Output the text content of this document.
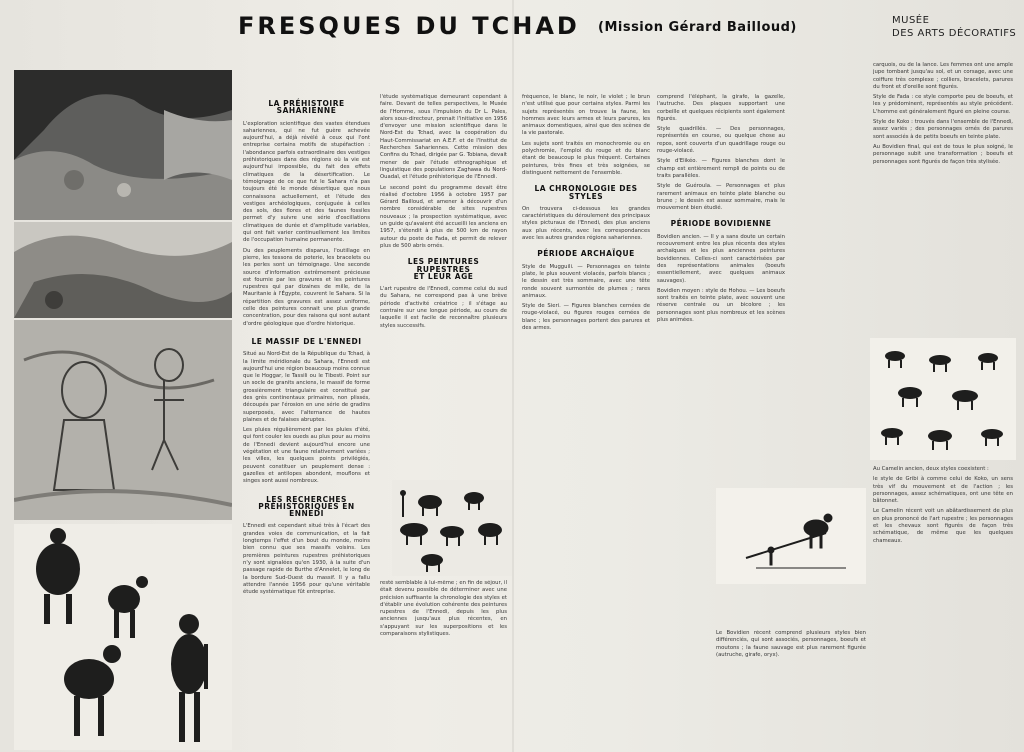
FRESQUES DU TCHAD (Mission Gérard Bailloud)	MUSÉE
DES ARTS DÉCORATIFS
LA PRÉHISTOIRE SAHARIENNE

L'exploration scientifique des vastes étendues sahariennes, qui ne fut guère achevée aujourd'hui, a déjà révélé à ceux qui l'ont entreprise certains motifs de stupéfaction : l'abondance parfois extraordinaire des vestiges préhistoriques dans des régions où la vie est aujourd'hui impossible, du fait des effets climatiques de la désertification. Le témoignage de ce que fut le Sahara n'a pas toujours été le monde désertique que nous connaissons actuellement, et l'étude des vestiges archéologiques, conjuguée à celles des sols, des flores et des faunes fossiles permet d'y suivre une série d'oscillations climatiques de durée et d'amplitude variables, qui ont fait varier continuellement les limites de l'occupation humaine permanente.

Du des peuplements disparus, l'outillage en pierre, les tessons de poterie, les bracelets ou les perles sont un témoignage. Une seconde source d'information extrêmement précieuse est fournie par les gravures et les peintures rupestres qui par dizaines de mille, de la Mauritanie à l'Égypte, couvrent le Sahara. Si la répartition des gravures est assez uniforme, celle des peintures connait une plus grande concentration, pour des raisons qui sont autant d'ordre géologique que d'ordre historique.

LE MASSIF DE L'ENNEDI

Situé au Nord-Est de la République du Tchad, à la limite méridionale du Sahara, l'Ennedi est aujourd'hui une région beaucoup moins connue que le Hoggar, le Tassili ou le Tibesti. Point sur un socle de granits anciens, le massif de forme grossièrement triangulaire est constitué par des grès continentaux primaires, non plissés, découpés par l'érosion en une série de gradins superposés, avec l'alternance de hautes plaines et de falaises abruptes.

Les pluies régulièrement par les pluies d'été, qui font couler les oueds au plus pour au moins de l'Ennedi devient aujourd'hui encore une végétation et une faune relativement variées ; les villes, les quelques points privilégiés, peuvent constituer un peuplement dense : gazelles et antilopes abondent, mouflons et singes sont aussi nombreux.

LES RECHERCHES PRÉHISTORIQUES EN ENNEDI

L'Ennedi est cependant situé très à l'écart des grandes voies de communication, et la fait longtemps l'effet d'un bout du monde, moins bien connu que ses massifs voisins. Les premières peintures rupestres préhistoriques n'y sont signalées qu'en 1930, à la suite d'un passage rapide de Burthe d'Annelet, le long de la bordure Sud-Ouest du massif. Il y a fallu attendre l'année 1956 pour qu'une véritable étude systématique fût entreprise.

l'étude systématique demeurant cependant à faire. Devant de telles perspectives, le Musée de l'Homme, sous l'impulsion du Dr L. Pales, alors sous-directeur, prenait l'initiative en 1956 d'envoyer une mission scientifique dans le Nord-Est du Tchad, avec la coopération du Haut-Commissariat en A.E.F. et de l'Institut de Recherches Sahariennes. Cette mission des Confins du Tchad, dirigée par G. Tobiana, devait mener de pair l'étude ethnographique et linguistique des populations Zaghawa du Nord-Ouadaï, et l'étude préhistorique de l'Ennedi.

Le second point du programme devait être réalisé d'octobre 1956 à octobre 1957 par Gérard Bailloud, et amener à découvrir d'un nombre considérable de sites rupestres nouveaux ; la prospection systématique, avec un guide qu'avaient été accueilli les anciens en 1957, s'étendit à plus de 500 km de rayon autour du poste de Fada, et permit de relever plus de 500 abris ornés.

LES PEINTURES RUPESTRES
ET LEUR AGE

L'art rupestre de l'Ennedi, comme celui du sud du Sahara, ne correspond pas à une brève période d'activité créatrice ; il s'étage au contraire sur une longue période, au cours de laquelle il est facile de reconnaître plusieurs styles successifs.

resté semblable à lui-même ; en fin de séjour, il était devenu possible de déterminer avec une précision suffisante la chronologie des styles et d'établir une évolution cohérente des peintures rupestres de l'Ennedi, depuis les plus anciennes jusqu'aux plus récentes, en s'appuyant sur les superpositions et les comparaisons stylistiques.

fréquence, le blanc, le noir, le violet ; le brun n'est utilisé que pour certains styles. Parmi les sujets représentés on trouve la faune, les hommes avec leurs armes et leurs parures, les animaux domestiques, ainsi que des scènes de la vie pastorale.

Les sujets sont traités en monochromie ou en polychromie, l'emploi du rouge et du blanc étant de beaucoup le plus fréquent. Certaines peintures, très fines et très soignées, se distinguent nettement de l'ensemble.

LA CHRONOLOGIE DES STYLES

On trouvera ci-dessous les grandes caractéristiques du déroulement des principaux styles picturaux de l'Ennedi, des plus anciens aux plus récents, avec les correspondances avec les autres grandes régions sahariennes.

PÉRIODE ARCHAÏQUE

Style de Mugguili. — Personnages en teinte plate, le plus souvent violacés, parfois blancs ; le dessin est très sommaire, avec une tête ronde souvent surmontée de plumes ; rares animaux.

Style de Sieri. — Figures blanches cernées de rouge-violacé, ou figures rouges cernées de blanc ; les personnages portent des parures et des armes.

comprend l'éléphant, la girafe, la gazelle, l'autruche. Des plaques supportant une corbeille et quelques récipients sont également figurés.

Style quadrillés. — Des personnages, représentés en course, ou quelque chose au repos, sont couverts d'un quadrillage rouge ou rouge-violacé.

Style d'Elikéo. — Figures blanches dont le champ est entièrement rempli de points ou de traits parallèles.

Style de Guéroula. — Personnages et plus rarement animaux en teinte plate blanche ou brune ; le dessin est assez sommaire, mais le mouvement bien étudié.

PÉRIODE BOVIDIENNE

Bovidien ancien. — Il y a sans doute un certain recouvrement entre les plus récents des styles archaïques et les plus anciennes peintures bovidiennes. Celles-ci sont caractérisées par des représentations animales (boeufs essentiellement, avec quelques animaux sauvages).

Bovidien moyen : style de Hohou. — Les boeufs sont traités en teinte plate, avec souvent une réserve centrale ou un bicolore ; les personnages sont plus nombreux et les scènes plus animées.

Le Bovidien récent comprend plusieurs styles bien différenciés, qui sont associés, personnages, boeufs et moutons ; la faune sauvage est plus rarement figurée (autruche, girafe, oryx).

carquois, ou de la lance. Les femmes ont une ample jupe tombant jusqu'au sol, et un corsage, avec une coiffure très complexe ; colliers, bracelets, parures du front et d'oreille sont figurés.

Style de Fada : ce style comporte peu de boeufs, et les y prédominent, représentés au style précédent. L'homme est généralement figuré en pleine course.

Style de Koko : trouvés dans l'ensemble de l'Ennedi, assez variés ; des personnages ornés de parures sont associés à de petits boeufs en teinte plate.

Au Bovidien final, qui est de tous le plus soigné, le personnage subit une transformation ; boeufs et personnages sont figurés de façon très stylisée.

Au Camelin ancien, deux styles coexistent :

le style de Gribi à comme celui de Koko, un sens très vif du mouvement et de l'action ; les personnages, assez schématiques, ont une tête en bâtonnet.

Le Camelin récent voit un abâtardissement de plus en plus prononcé de l'art rupestre ; les personnages et les chevaux sont figurés de façon très schématique, de même que les quelques chameaux.
